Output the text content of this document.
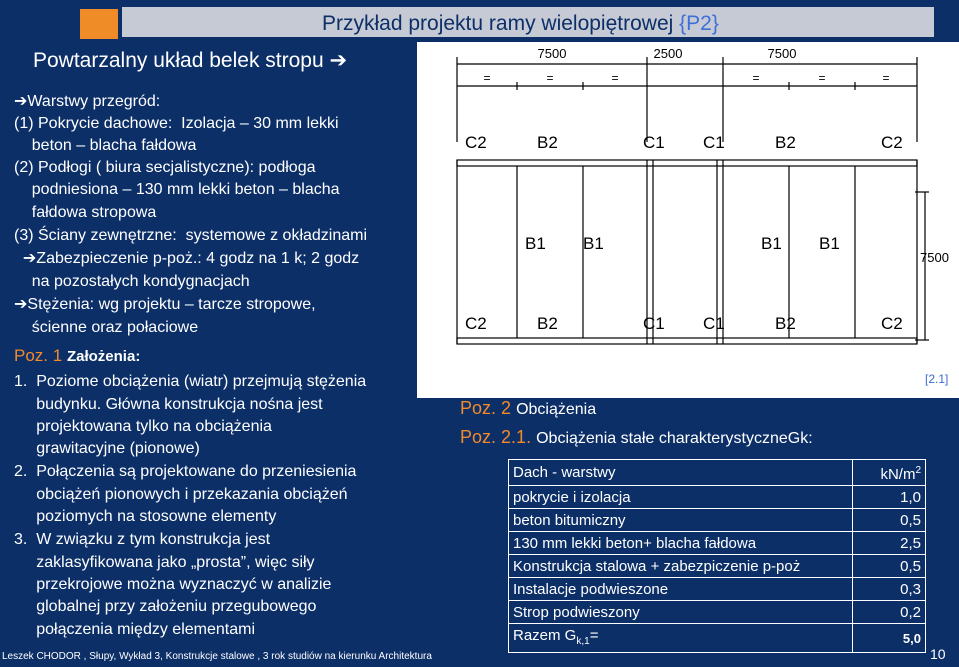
Przykład projektu ramy wielopiętrowej {P2}
Powtarzalny układ belek stropu ➔
➔Warstwy przegród:
(1) Pokrycie dachowe:  Izolacja – 30 mm lekki
beton – blacha fałdowa
(2) Podłogi ( biura secjalistyczne): podłoga
podniesiona – 130 mm lekki beton – blacha
fałdowa stropowa
(3) Ściany zewnętrzne:  systemowe z okładzinami
➔Zabezpieczenie p-poż.: 4 godz na 1 k; 2 godz
na pozostałych kondygnacjach
➔Stężenia: wg projektu – tarcze stropowe,
ścienne oraz połaciowe
Poz. 1 Założenia:
1.  Poziome obciążenia (wiatr) przejmują stężenia
budynku. Główna konstrukcja nośna jest
projektowana tylko na obciążenia
grawitacyjne (pionowe)
2.  Połączenia są projektowane do przeniesienia
obciążeń pionowych i przekazania obciążeń
poziomych na stosowne elementy
3.  W związku z tym konstrukcja jest
zaklasyfikowana jako „prosta”, więc siły
przekrojowe można wyznaczyć w analizie
globalnej przy założeniu przegubowego
połączenia między elementami
7500	2500	7500
=	=	=	=	=	=
C2	B2	C1 C1	B2	C2
B1 B1	B1 B1
C2	B2	C1 C1	B2	C2
7500
[2.1]
Poz. 2 Obciążenia
Poz. 2.1. Obciążenia stałe charakterystyczneGk:
Dach - warstwy	$kN/m^2$
pokrycie i izolacja	1,0
beton bitumiczny	0,5
130 mm lekki beton+ blacha fałdowa	2,5
Konstrukcja stalowa + zabezpiczenie p-poż	0,5
Instalacje podwieszone	0,3
Strop podwieszony	0,2
Razem $G_{k,1}=$	5,0
Leszek CHODOR , Słupy, Wykład 3, Konstrukcje stalowe , 3 rok studiów na kierunku Architektura	10
